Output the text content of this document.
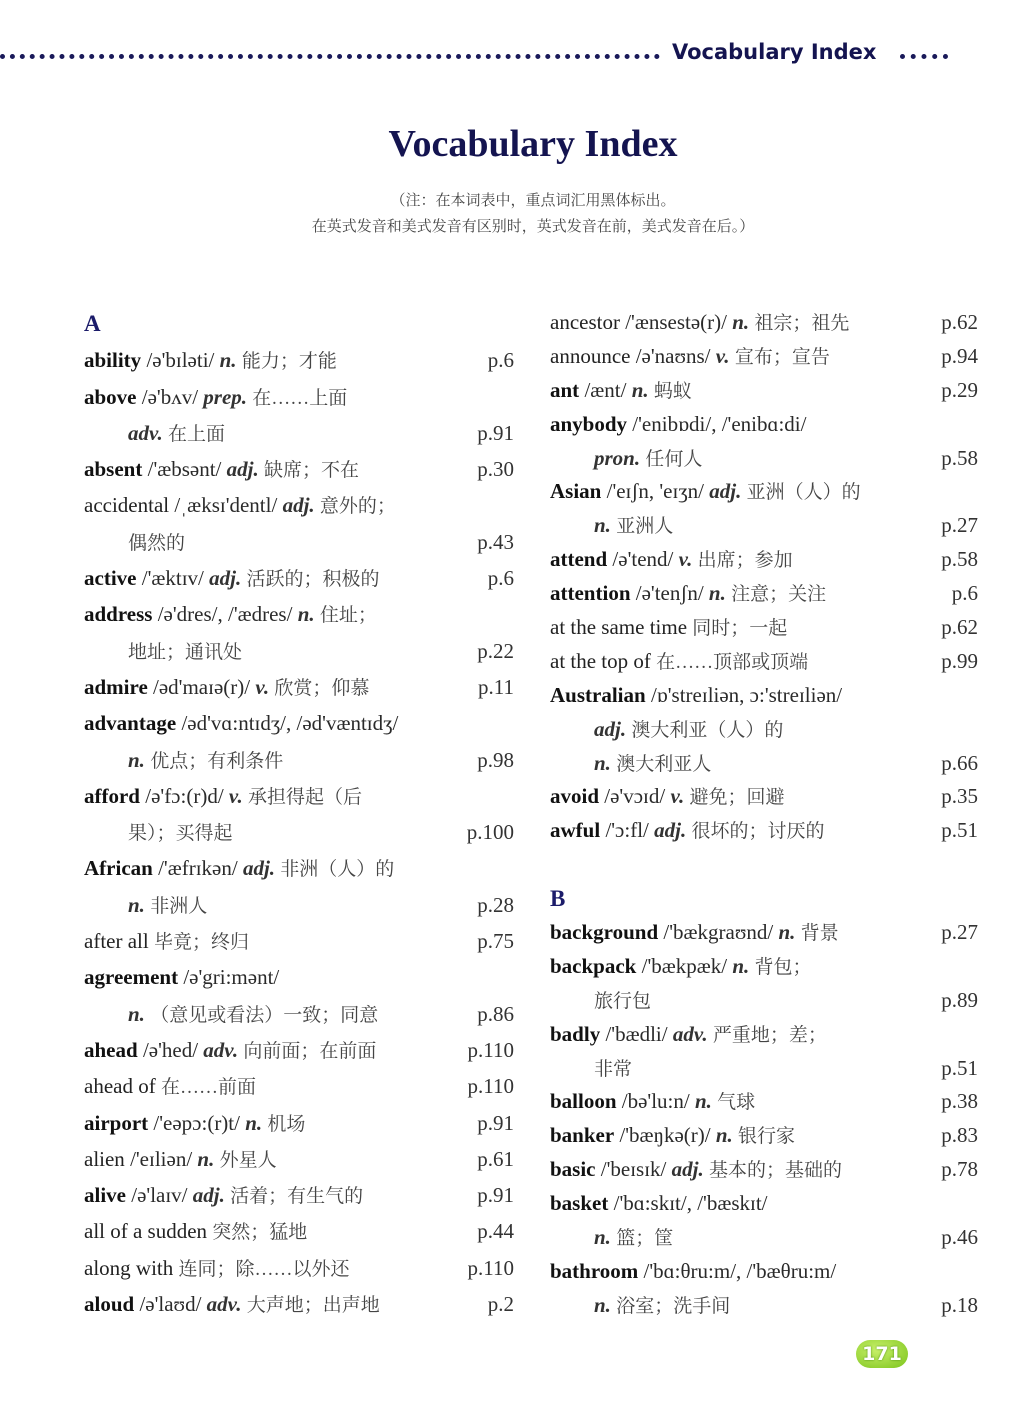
Vocabulary Index
Vocabulary Index
（注：在本词表中，重点词汇用黑体标出。
在英式发音和美式发音有区别时，英式发音在前，美式发音在后。）
A
ability /ə'bɪləti/ n. 能力；才能	p.6
above /ə'bʌv/ prep. 在……上面
adv. 在上面	p.91
absent /'æbsənt/ adj. 缺席；不在	p.30
accidental /ˌæksɪ'dentl/ adj. 意外的；
偶然的	p.43
active /'æktɪv/ adj. 活跃的；积极的	p.6
address /ə'dres/, /'ædres/ n. 住址；
地址；通讯处	p.22
admire /əd'maɪə(r)/ v. 欣赏；仰慕	p.11
advantage /əd'vɑ:ntɪdʒ/, /əd'væntɪdʒ/
n. 优点；有利条件	p.98
afford /ə'fɔ:(r)d/ v. 承担得起（后
果）；买得起	p.100
African /'æfrɪkən/ adj. 非洲（人）的
n. 非洲人	p.28
after all 毕竟；终归	p.75
agreement /ə'gri:mənt/
n. （意见或看法）一致；同意	p.86
ahead /ə'hed/ adv. 向前面；在前面	p.110
ahead of 在……前面	p.110
airport /'eəpɔ:(r)t/ n. 机场	p.91
alien /'eɪliən/ n. 外星人	p.61
alive /ə'laɪv/ adj. 活着；有生气的	p.91
all of a sudden 突然；猛地	p.44
along with 连同；除……以外还	p.110
aloud /ə'laʊd/ adv. 大声地；出声地	p.2
ancestor /'ænsestə(r)/ n. 祖宗；祖先	p.62
announce /ə'naʊns/ v. 宣布；宣告	p.94
ant /ænt/ n. 蚂蚁	p.29
anybody /'enibɒdi/, /'enibɑ:di/
pron. 任何人	p.58
Asian /'eɪʃn, 'eɪʒn/ adj. 亚洲（人）的
n. 亚洲人	p.27
attend /ə'tend/ v. 出席；参加	p.58
attention /ə'tenʃn/ n. 注意；关注	p.6
at the same time 同时；一起	p.62
at the top of 在……顶部或顶端	p.99
Australian /ɒ'streɪliən, ɔ:'streɪliən/
adj. 澳大利亚（人）的
n. 澳大利亚人	p.66
avoid /ə'vɔɪd/ v. 避免；回避	p.35
awful /'ɔ:fl/ adj. 很坏的；讨厌的	p.51
B
background /'bækgraʊnd/ n. 背景	p.27
backpack /'bækpæk/ n. 背包；
旅行包	p.89
badly /'bædli/ adv. 严重地；差；
非常	p.51
balloon /bə'lu:n/ n. 气球	p.38
banker /'bæŋkə(r)/ n. 银行家	p.83
basic /'beɪsɪk/ adj. 基本的；基础的	p.78
basket /'bɑ:skɪt/, /'bæskɪt/
n. 篮；筐	p.46
bathroom /'bɑ:θru:m/, /'bæθru:m/
n. 浴室；洗手间	p.18
171
